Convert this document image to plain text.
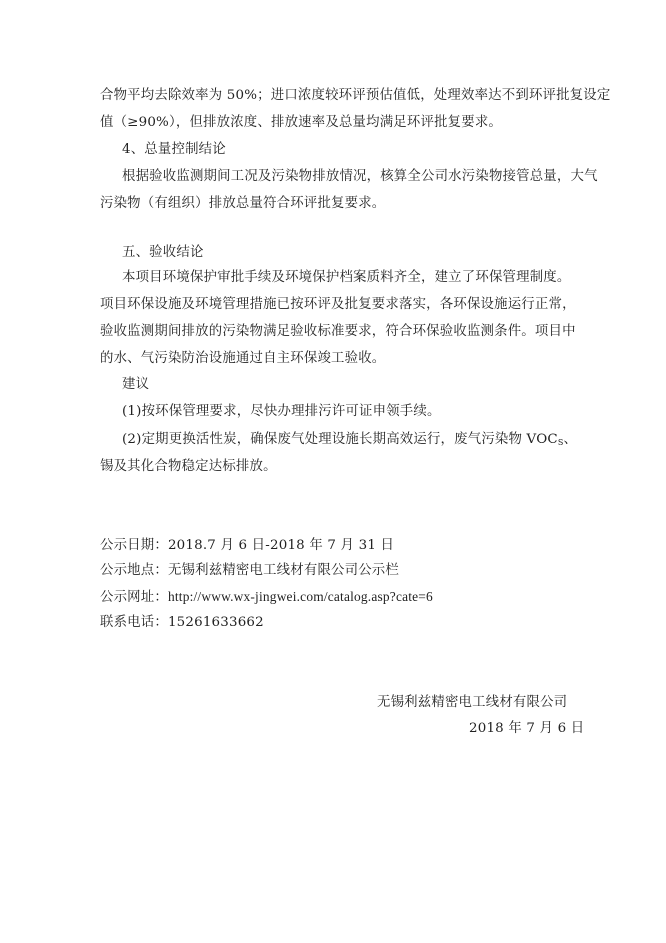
合物平均去除效率为 50%；进口浓度较环评预估值低，处理效率达不到环评批复设定
值（≥90%），但排放浓度、排放速率及总量均满足环评批复要求。
4、总量控制结论
根据验收监测期间工况及污染物排放情况，核算全公司水污染物接管总量，大气
污染物（有组织）排放总量符合环评批复要求。
五、验收结论
本项目环境保护审批手续及环境保护档案质料齐全，建立了环保管理制度。
项目环保设施及环境管理措施已按环评及批复要求落实，各环保设施运行正常，
验收监测期间排放的污染物满足验收标准要求，符合环保验收监测条件。项目中
的水、气污染防治设施通过自主环保竣工验收。
建议
(1)按环保管理要求，尽快办理排污许可证申领手续。
(2)定期更换活性炭，确保废气处理设施长期高效运行，废气污染物 $VOC_S$、
锡及其化合物稳定达标排放。
公示日期：2018.7 月 6 日-2018 年 7 月 31 日
公示地点：无锡利兹精密电工线材有限公司公示栏
公示网址：http://www.wx-jingwei.com/catalog.asp?cate=6
联系电话：15261633662
无锡利兹精密电工线材有限公司
2018 年 7 月 6 日
